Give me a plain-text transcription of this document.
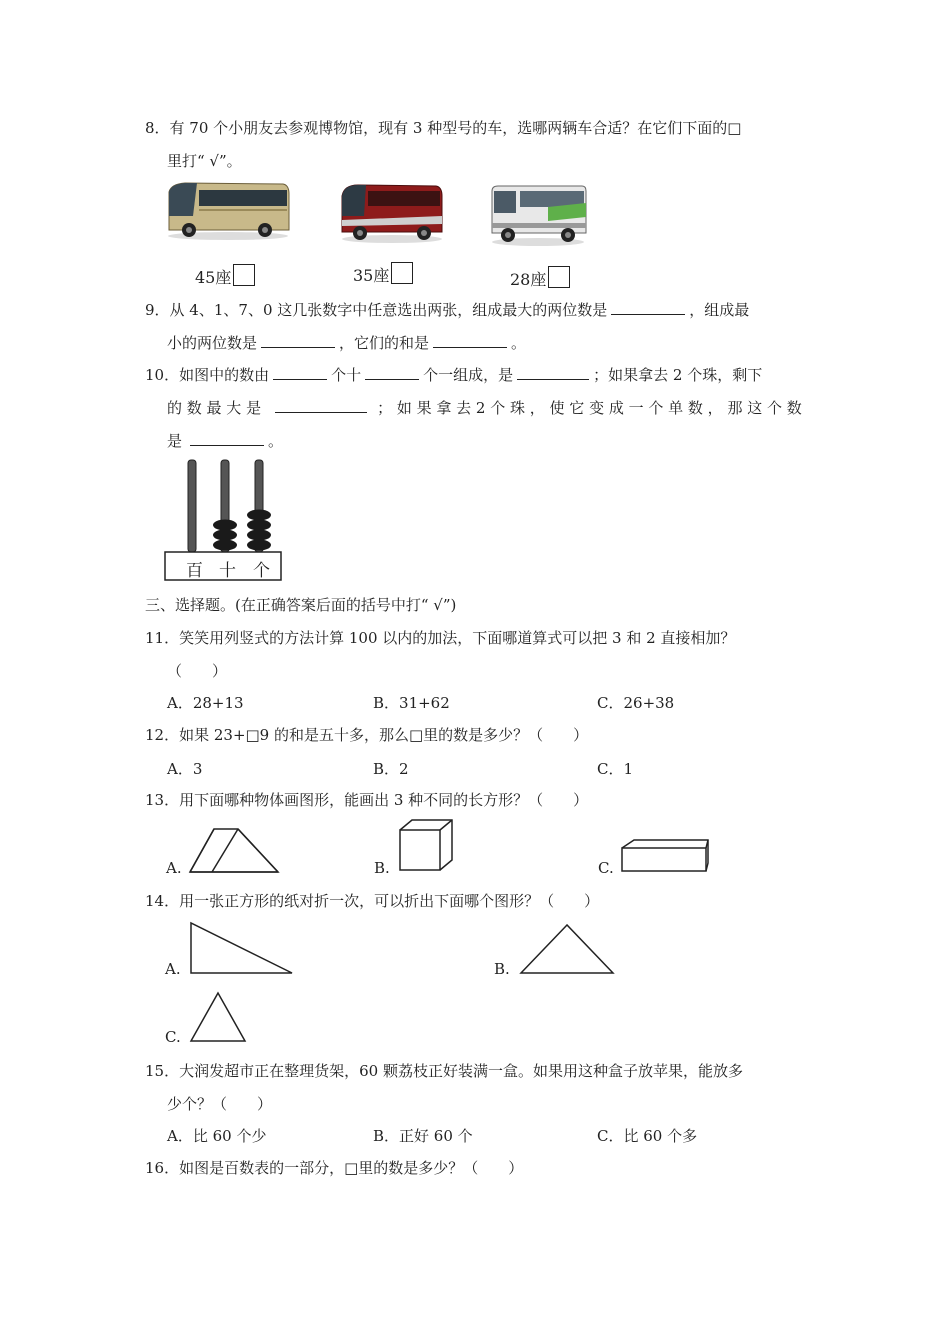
8．有 70 个小朋友去参观博物馆，现有 3 种型号的车，选哪两辆车合适？在它们下面的□
里打“ √”。
45座	35座	28座
9．从 4、1、7、0 这几张数字中任意选出两张，组成最大的两位数是	，组成最
小的两位数是	，它们的和是	。
10．如图中的数由	个十	个一组成，是	；如果拿去 2 个珠，剩下
的 数 最 大 是	； 如 果 拿 去 2 个 珠 ， 使 它 变 成 一 个 单 数 ， 那 这 个 数
是	。
百 十 个
三、选择题。(在正确答案后面的括号中打“ √”)
11．笑笑用列竖式的方法计算 100 以内的加法，下面哪道算式可以把 3 和 2 直接相加？
（　　）
A．28+13	B．31+62	C．26+38
12．如果 23+□9 的和是五十多，那么□里的数是多少？（　　）
A．3	B．2	C．1
13．用下面哪种物体画图形，能画出 3 种不同的长方形？（　　）
A.	B.	C.
14．用一张正方形的纸对折一次，可以折出下面哪个图形？（　　）
A.	B.
C.
15．大润发超市正在整理货架，60 颗荔枝正好装满一盒。如果用这种盒子放苹果，能放多
少个？（　　）
A．比 60 个少	B．正好 60 个	C．比 60 个多
16．如图是百数表的一部分，□里的数是多少？（　　）
